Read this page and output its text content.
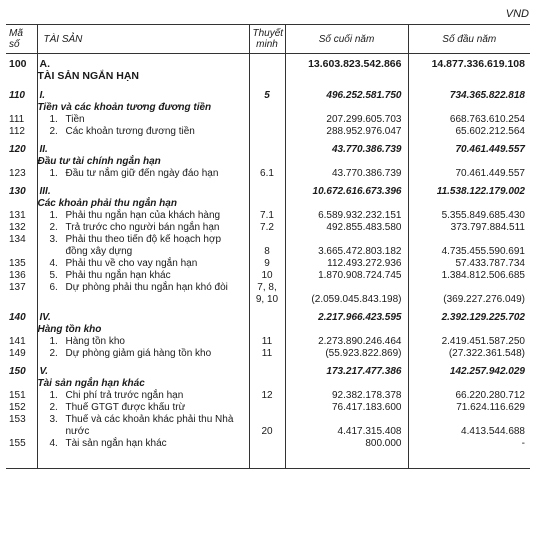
VND
Mã số	TÀI SẢN	Thuyết minh	Số cuối năm	Số đầu năm
100	A.TÀI SẢN NGẮN HẠN		13.603.823.542.866	14.877.336.619.108
110	I.Tiền và các khoản tương đương tiền	5	496.252.581.750	734.365.822.818
111	1. Tiền		207.299.605.703	668.763.610.254
112	2. Các khoản tương đương tiền		288.952.976.047	65.602.212.564
120	II.Đầu tư tài chính ngắn hạn		43.770.386.739	70.461.449.557
123	1. Đầu tư nắm giữ đến ngày đáo hạn	6.1	43.770.386.739	70.461.449.557
130	III.Các khoản phải thu ngắn hạn		10.672.616.673.396	11.538.122.179.002
131	1. Phải thu ngắn hạn của khách hàng	7.1	6.589.932.232.151	5.355.849.685.430
132	2. Trả trước cho người bán ngắn hạn	7.2	492.855.483.580	373.797.884.511
134	3. Phải thu theo tiến độ kế hoạch hợp đồng xây dựng	8	3.665.472.803.182	4.735.455.590.691
135	4. Phải thu về cho vay ngắn hạn	9	112.493.272.936	57.433.787.734
136	5. Phải thu ngắn hạn khác	10	1.870.908.724.745	1.384.812.506.685
137	6. Dự phòng phải thu ngắn hạn khó đòi	7, 8, 9, 10	(2.059.045.843.198)	(369.227.276.049)
140	IV.Hàng tồn kho		2.217.966.423.595	2.392.129.225.702
141	1. Hàng tồn kho	11	2.273.890.246.464	2.419.451.587.250
149	2. Dự phòng giảm giá hàng tồn kho	11	(55.923.822.869)	(27.322.361.548)
150	V.Tài sản ngắn hạn khác		173.217.477.386	142.257.942.029
151	1. Chi phí trả trước ngắn hạn	12	92.382.178.378	66.220.280.712
152	2. Thuế GTGT được khấu trừ		76.417.183.600	71.624.116.629
153	3. Thuế và các khoản khác phải thu Nhà nước	20	4.417.315.408	4.413.544.688
155	4. Tài sản ngắn hạn khác		800.000	-
